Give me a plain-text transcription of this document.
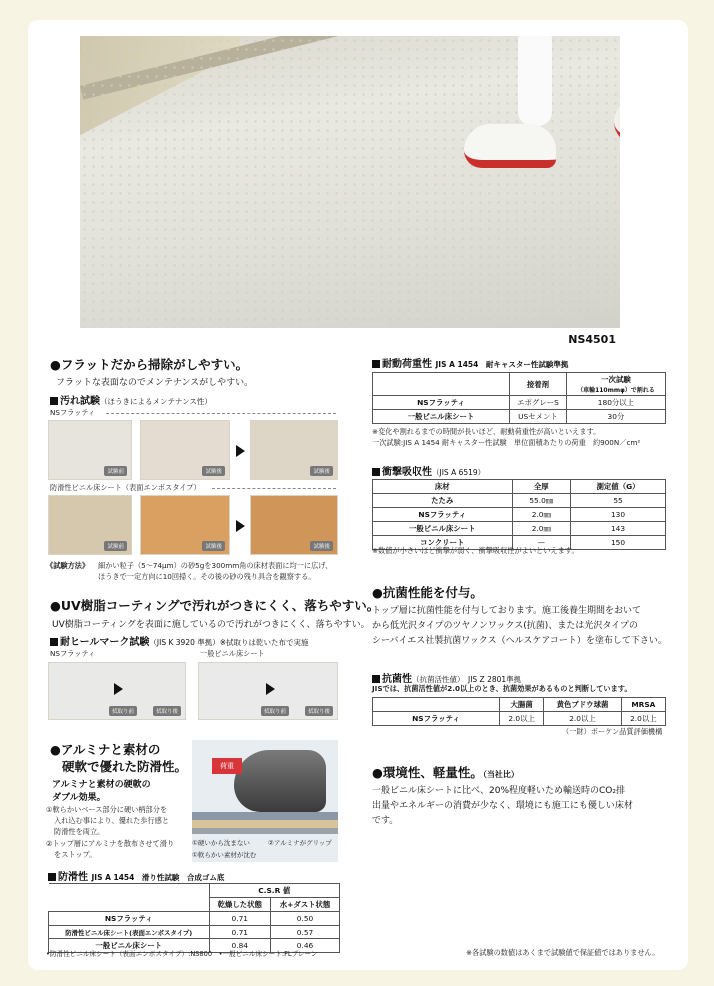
NS4501
●フラットだから掃除がしやすい。
フラットな表面なのでメンテナンスがしやすい。
汚れ試験（ほうきによるメンテナンス性）
NSフラッティ
試験前	試験後	試験後
防滑性ビニル床シート（表面エンボスタイプ）
試験前	試験後	試験後
《試験方法》 細かい粒子（5～74μm）の砂5gを300mm角の床材表面に均一に広げ、
ほうきで一定方向に10回掃く。その後の砂の残り具合を観察する。
●UV樹脂コーティングで汚れがつきにくく、落ちやすい。
UV樹脂コーティングを表面に施しているので汚れがつきにくく、落ちやすい。
耐ヒールマーク試験（JIS K 3920 準拠）※拭取りは乾いた布で実施
NSフラッティ	一般ビニル床シート
拭取り前	拭取り後	拭取り前	拭取り後
●アルミナと素材の
硬軟で優れた防滑性。
アルミナと素材の硬軟の
ダブル効果。
①軟らかいベース部分に硬い柄部分を
入れ込む事により、優れた歩行感と
防滑性を両立。
②トップ層にアルミナを散布させて滑り
をストップ。
荷重
①硬いから沈まない
①軟らかい素材が沈む
②アルミナがグリップ
防滑性 JIS A 1454　滑り性試験　合成ゴム底
	C.S.R 値	
	乾燥した状態	水+ダスト状態
NSフラッティ	0.71	0.50
防滑性ビニル床シート(表面エンボスタイプ)	0.71	0.57
一般ビニル床シート	0.84	0.46
•防滑性ビニル床シート（表面エンボスタイプ）:NS800　•一般ビニル床シート:FLプレーン
耐動荷重性 JIS A 1454　耐キャスター性試験準拠
	接着剤	一次試験
（車輪110mmφ）で割れる

NSフラッティ	エポグレーS	180分以上
一般ビニル床シート	USセメント	30分
※変化や割れるまでの時間が長いほど、耐動荷重性が高いといえます。
一次試験:JIS A 1454 耐キャスター性試験　単位面積あたりの荷重　約900N／cm²
衝撃吸収性（JIS A 6519）
床材	全厚	測定値（G）
たたみ	55.0㎜	55
NSフラッティ	2.0㎜	130
一般ビニル床シート	2.0㎜	143
コンクリート	—	150
※数値が小さいほど衝撃が弱く、衝撃吸収性がよいといえます。
●抗菌性能を付与。
トップ層に抗菌性能を付与しております。施工後養生期間をおいて
から低光沢タイプのツヤノンワックス(抗菌)、または光沢タイプの
シーバイエス社製抗菌ワックス（ヘルスケアコート）を塗布して下さい。
抗菌性（抗菌活性値） JIS Z 2801準拠
JISでは、抗菌活性値が2.0以上のとき、抗菌効果があるものと判断しています。
	大腸菌	黄色ブドウ球菌	MRSA
NSフラッティ	2.0以上	2.0以上	2.0以上
（一財）ボーケン品質評価機構
●環境性、軽量性。（当社比）
一般ビニル床シートに比べ、20%程度軽いため輸送時のCO₂排
出量やエネルギーの消費が少なく、環境にも施工にも優しい床材
です。
※各試験の数値はあくまで試験値で保証値ではありません。
